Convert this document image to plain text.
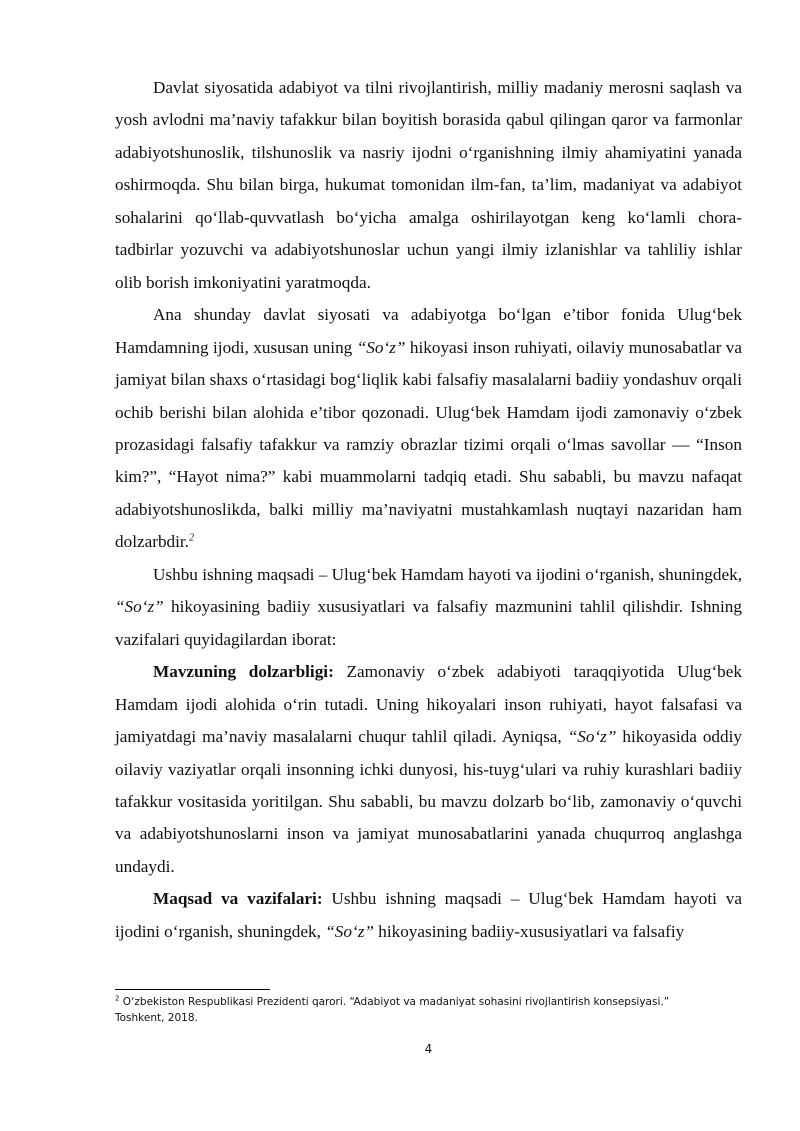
Davlat siyosatida adabiyot va tilni rivojlantirish, milliy madaniy merosni saqlash va yosh avlodni ma’naviy tafakkur bilan boyitish borasida qabul qilingan qaror va farmonlar adabiyotshunoslik, tilshunoslik va nasriy ijodni o‘rganishning ilmiy ahamiyatini yanada oshirmoqda. Shu bilan birga, hukumat tomonidan ilm-fan, ta’lim, madaniyat va adabiyot sohalarini qo‘llab-quvvatlash bo‘yicha amalga oshirilayotgan keng ko‘lamli chora-tadbirlar yozuvchi va adabiyotshunoslar uchun yangi ilmiy izlanishlar va tahliliy ishlar olib borish imkoniyatini yaratmoqda.

Ana shunday davlat siyosati va adabiyotga bo‘lgan e’tibor fonida Ulug‘bek Hamdamning ijodi, xususan uning “So‘z” hikoyasi inson ruhiyati, oilaviy munosabatlar va jamiyat bilan shaxs o‘rtasidagi bog‘liqlik kabi falsafiy masalalarni badiiy yondashuv orqali ochib berishi bilan alohida e’tibor qozonadi. Ulug‘bek Hamdam ijodi zamonaviy o‘zbek prozasidagi falsafiy tafakkur va ramziy obrazlar tizimi orqali o‘lmas savollar — “Inson kim?”, “Hayot nima?” kabi muammolarni tadqiq etadi. Shu sababli, bu mavzu nafaqat adabiyotshunoslikda, balki milliy ma’naviyatni mustahkamlash nuqtayi nazaridan ham dolzarbdir.$^2$

Ushbu ishning maqsadi – Ulug‘bek Hamdam hayoti va ijodini o‘rganish, shuningdek, “So‘z” hikoyasining badiiy xususiyatlari va falsafiy mazmunini tahlil qilishdir. Ishning vazifalari quyidagilardan iborat:

Mavzuning dolzarbligi: Zamonaviy o‘zbek adabiyoti taraqqiyotida Ulug‘bek Hamdam ijodi alohida o‘rin tutadi. Uning hikoyalari inson ruhiyati, hayot falsafasi va jamiyatdagi ma’naviy masalalarni chuqur tahlil qiladi. Ayniqsa, “So‘z” hikoyasida oddiy oilaviy vaziyatlar orqali insonning ichki dunyosi, his-tuyg‘ulari va ruhiy kurashlari badiiy tafakkur vositasida yoritilgan. Shu sababli, bu mavzu dolzarb bo‘lib, zamonaviy o‘quvchi va adabiyotshunoslarni inson va jamiyat munosabatlarini yanada chuqurroq anglashga undaydi.

Maqsad va vazifalari: Ushbu ishning maqsadi – Ulug‘bek Hamdam hayoti va ijodini o‘rganish, shuningdek, “So‘z” hikoyasining badiiy-xususiyatlari va falsafiy

$^2$ O‘zbekiston Respublikasi Prezidenti qarori. “Adabiyot va madaniyat sohasini rivojlantirish konsepsiyasi.” Toshkent, 2018.
4
